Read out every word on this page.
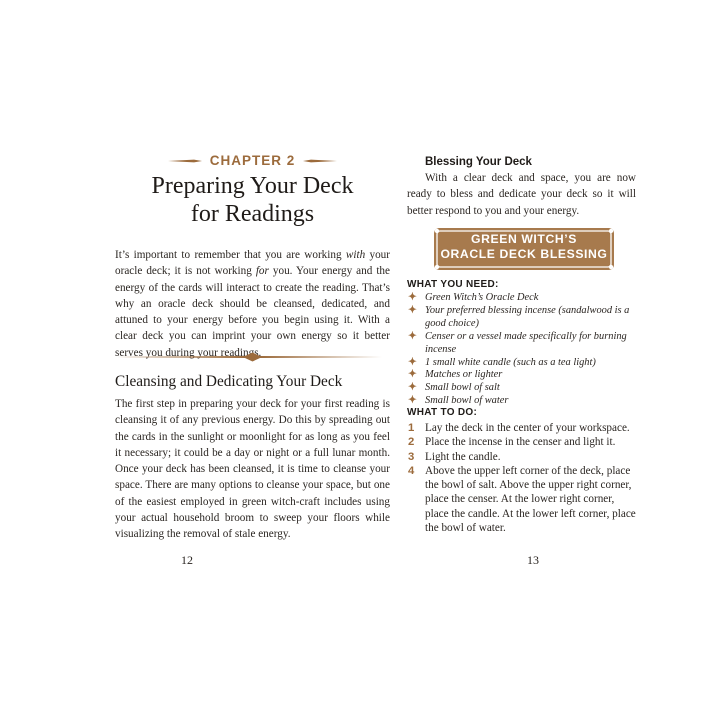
CHAPTER 2
Preparing Your Deck
for Readings

It’s important to remember that you are working with your oracle deck; it is not working for you. Your energy and the energy of the cards will interact to create the reading. That’s why an oracle deck should be cleansed, dedicated, and attuned to your energy before you begin using it. With a clear deck you can imprint your own energy so it better serves you during your readings.

Cleansing and Dedicating Your Deck

The first step in preparing your deck for your first reading is cleansing it of any previous energy. Do this by spreading out the cards in the sunlight or moonlight for as long as you feel it necessary; it could be a day or night or a full lunar month. Once your deck has been cleansed, it is time to cleanse your space. There are many options to cleanse your space, but one of the easiest employed in green witch-craft includes using your actual household broom to sweep your floors while visualizing the removal of stale energy.

12
Blessing Your Deck

With a clear deck and space, you are now ready to bless and dedicate your deck so it will better respond to you and your energy.

GREEN WITCH’S
ORACLE DECK BLESSING
WHAT YOU NEED:
✦ Green Witch’s Oracle Deck
✦ Your preferred blessing incense (sandalwood is a good choice)
✦ Censer or a vessel made specifically for burning incense
✦ 1 small white candle (such as a tea light)
✦ Matches or lighter
✦ Small bowl of salt
✦ Small bowl of water
WHAT TO DO:
1 Lay the deck in the center of your workspace.
2 Place the incense in the censer and light it.
3 Light the candle.
4 Above the upper left corner of the deck, place the bowl of salt. Above the upper right corner, place the censer. At the lower right corner, place the candle. At the lower left corner, place the bowl of water.
13
